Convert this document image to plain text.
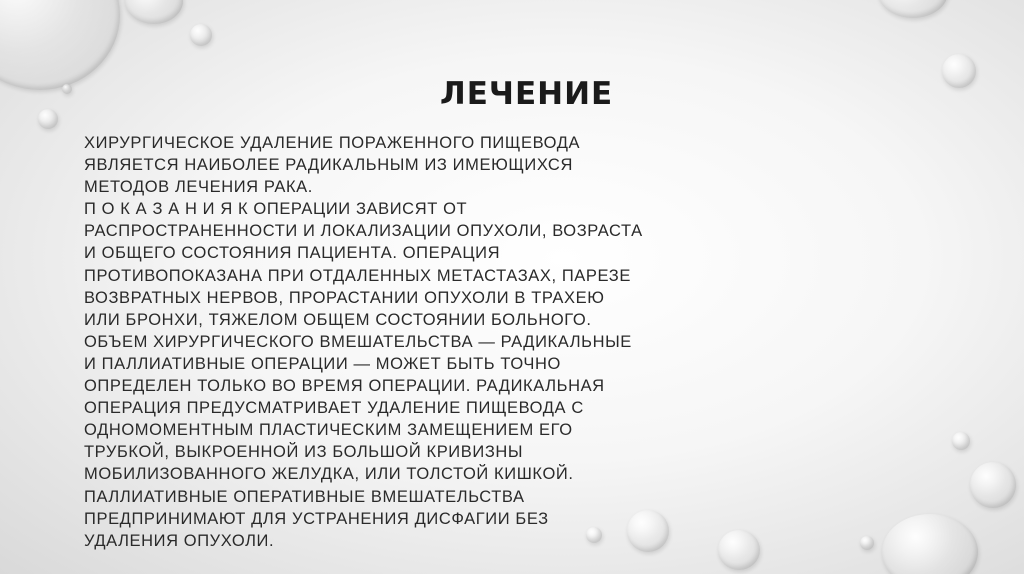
ЛЕЧЕНИЕ

ХИРУРГИЧЕСКОЕ УДАЛЕНИЕ ПОРАЖЕННОГО ПИЩЕВОДА ЯВЛЯЕТСЯ НАИБОЛЕЕ РАДИКАЛЬНЫМ ИЗ ИМЕЮЩИХСЯ МЕТОДОВ ЛЕЧЕНИЯ РАКА.

П О К А З А Н И Я К ОПЕРАЦИИ ЗАВИСЯТ ОТ РАСПРОСТРАНЕННОСТИ И ЛОКАЛИЗАЦИИ ОПУХОЛИ, ВОЗРАСТА И ОБЩЕГО СОСТОЯНИЯ ПАЦИЕНТА. ОПЕРАЦИЯ ПРОТИВОПОКАЗАНА ПРИ ОТДАЛЕННЫХ МЕТАСТАЗАХ, ПАРЕЗЕ ВОЗВРАТНЫХ НЕРВОВ, ПРОРАСТАНИИ ОПУХОЛИ В ТРАХЕЮ ИЛИ БРОНХИ, ТЯЖЕЛОМ ОБЩЕМ СОСТОЯНИИ БОЛЬНОГО.

ОБЪЕМ ХИРУРГИЧЕСКОГО ВМЕШАТЕЛЬСТВА — РАДИКАЛЬНЫЕ И ПАЛЛИАТИВНЫЕ ОПЕРАЦИИ — МОЖЕТ БЫТЬ ТОЧНО ОПРЕДЕЛЕН ТОЛЬКО ВО ВРЕМЯ ОПЕРАЦИИ. РАДИКАЛЬНАЯ ОПЕРАЦИЯ ПРЕДУСМАТРИВАЕТ УДАЛЕНИЕ ПИЩЕВОДА С ОДНОМОМЕНТНЫМ ПЛАСТИЧЕСКИМ ЗАМЕЩЕНИЕМ ЕГО ТРУБКОЙ, ВЫКРОЕННОЙ ИЗ БОЛЬШОЙ КРИВИЗНЫ МОБИЛИЗОВАННОГО ЖЕЛУДКА, ИЛИ ТОЛСТОЙ КИШКОЙ. ПАЛЛИАТИВНЫЕ ОПЕРАТИВНЫЕ ВМЕШАТЕЛЬСТВА ПРЕДПРИНИМАЮТ ДЛЯ УСТРАНЕНИЯ ДИСФАГИИ БЕЗ УДАЛЕНИЯ ОПУХОЛИ.
